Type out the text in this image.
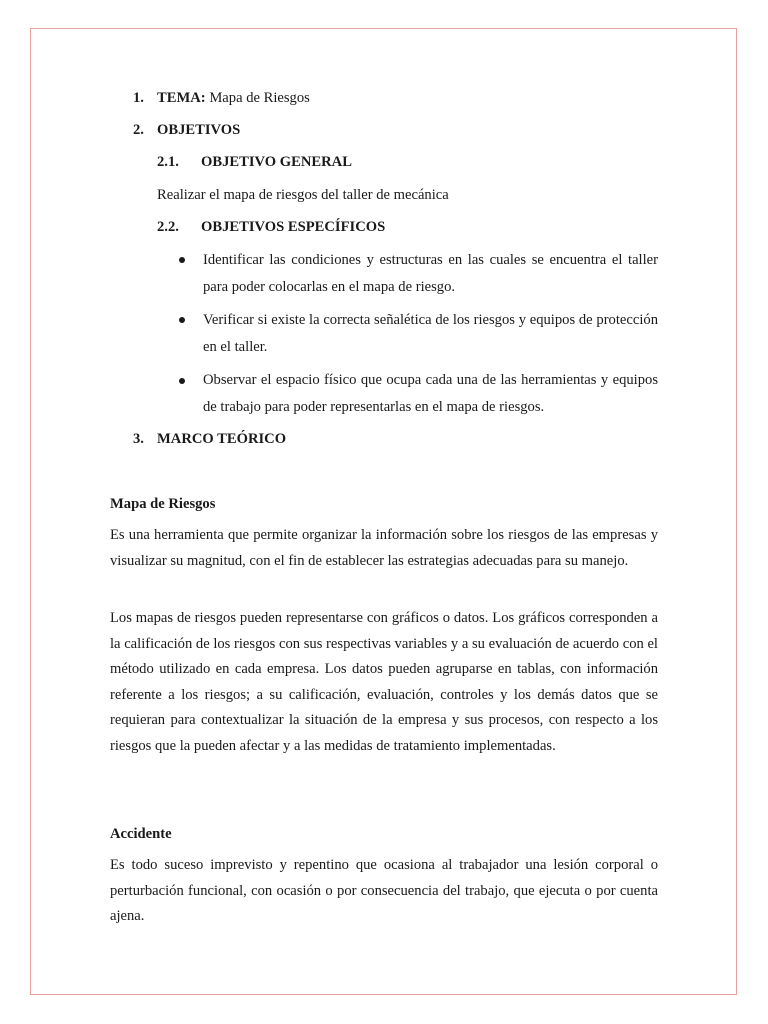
1. TEMA: Mapa de Riesgos
2. OBJETIVOS
2.1. OBJETIVO GENERAL
Realizar el mapa de riesgos del taller de mecánica
2.2. OBJETIVOS ESPECÍFICOS
Identificar las condiciones y estructuras en las cuales se encuentra el taller para poder colocarlas en el mapa de riesgo.
Verificar si existe la correcta señalética de los riesgos y equipos de protección en el taller.
Observar el espacio físico que ocupa cada una de las herramientas y equipos de trabajo para poder representarlas en el mapa de riesgos.
3. MARCO TEÓRICO
Mapa de Riesgos
Es una herramienta que permite organizar la información sobre los riesgos de las empresas y visualizar su magnitud, con el fin de establecer las estrategias adecuadas para su manejo.
Los mapas de riesgos pueden representarse con gráficos o datos. Los gráficos corresponden a la calificación de los riesgos con sus respectivas variables y a su evaluación de acuerdo con el método utilizado en cada empresa. Los datos pueden agruparse en tablas, con información referente a los riesgos; a su calificación, evaluación, controles y los demás datos que se requieran para contextualizar la situación de la empresa y sus procesos, con respecto a los riesgos que la pueden afectar y a las medidas de tratamiento implementadas.
Accidente
Es todo suceso imprevisto y repentino que ocasiona al trabajador una lesión corporal o perturbación funcional, con ocasión o por consecuencia del trabajo, que ejecuta o por cuenta ajena.
